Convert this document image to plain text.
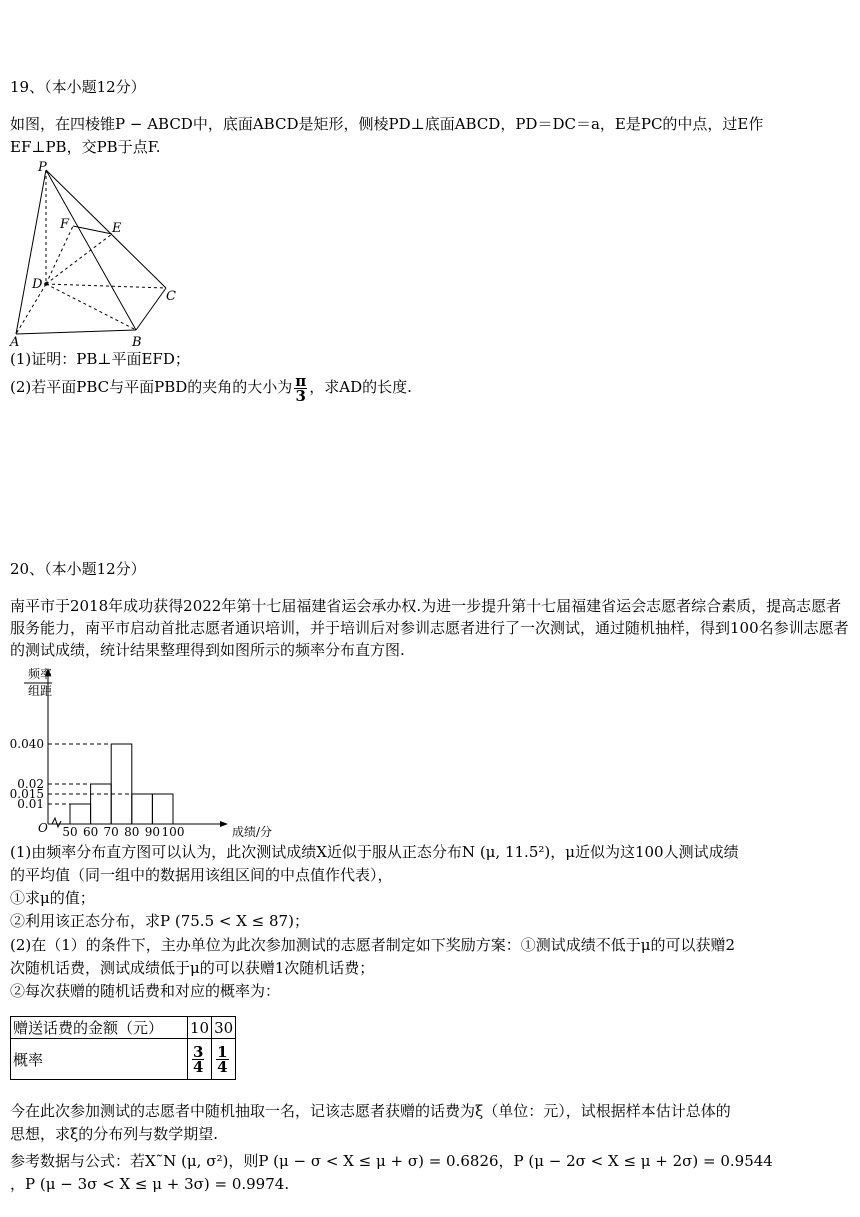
19、（本小题12分）
如图，在四棱锥P − ABCD中，底面ABCD是矩形，侧棱PD⊥底面ABCD，PD＝DC＝a，E是PC的中点，过E作
EF⊥PB，交PB于点F.
P
F	E
D
C
A	B
(1)证明：PB⊥平面EFD；
(2)若平面PBC与平面PBD的夹角的大小为 $\frac{\pi}{3}$ ，求AD的长度.
20、（本小题12分）
南平市于2018年成功获得2022年第十七届福建省运会承办权.为进一步提升第十七届福建省运会志愿者综合素质，提高志愿者服务能力，南平市启动首批志愿者通识培训，并于培训后对参训志愿者进行了一次测试，通过随机抽样，得到100名参训志愿者的测试成绩，统计结果整理得到如图所示的频率分布直方图.
频率
组距
成绩/分
O
0.040
0.02
0.015
0.01
50 60 70 80 90 100
(1)由频率分布直方图可以认为，此次测试成绩X近似于服从正态分布N (μ, 11.5²)，μ近似为这100人测试成绩
的平均值（同一组中的数据用该组区间的中点值作代表），
①求μ的值；
②利用该正态分布，求P (75.5 < X ≤ 87)；
(2)在（1）的条件下，主办单位为此次参加测试的志愿者制定如下奖励方案：①测试成绩不低于μ的可以获赠2
次随机话费，测试成绩低于μ的可以获赠1次随机话费；
②每次获赠的随机话费和对应的概率为：
赠送话费的金额（元）	10	30
概率	$\frac{3}{4}$	$\frac{1}{4}$
今在此次参加测试的志愿者中随机抽取一名，记该志愿者获赠的话费为ξ（单位：元），试根据样本估计总体的
思想，求ξ的分布列与数学期望.
参考数据与公式：若X˜N (μ, σ²)，则P (μ − σ < X ≤ μ + σ) = 0.6826，P (μ − 2σ < X ≤ μ + 2σ) = 0.9544
，P (μ − 3σ < X ≤ μ + 3σ) = 0.9974.
